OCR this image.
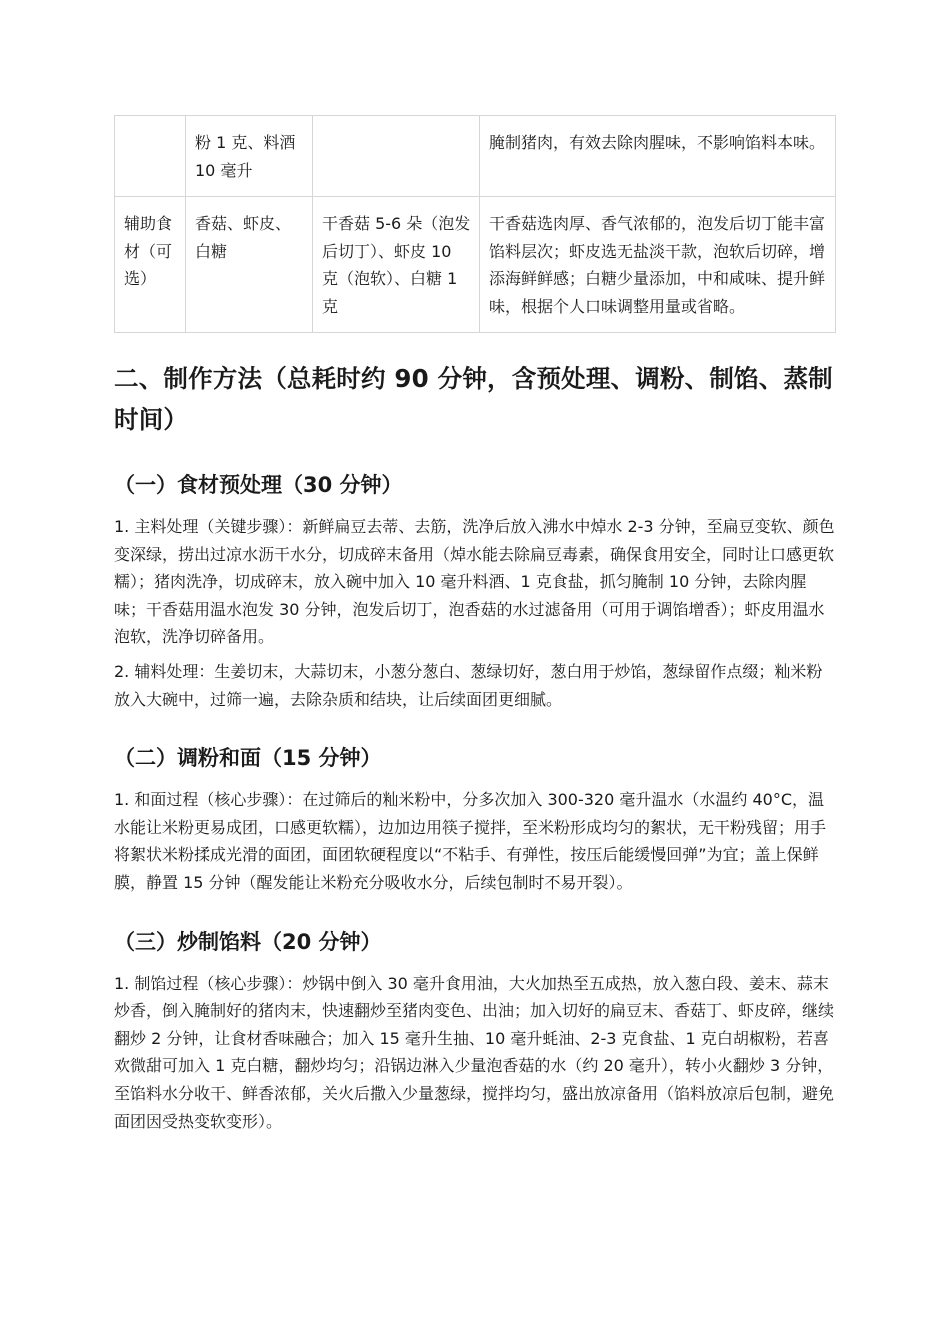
	粉 1 克、料酒 10 毫升		腌制猪肉，有效去除肉腥味，不影响馅料本味。
辅助食材（可选）	香菇、虾皮、白糖	干香菇 5-6 朵（泡发后切丁）、虾皮 10 克（泡软）、白糖 1 克	干香菇选肉厚、香气浓郁的，泡发后切丁能丰富馅料层次；虾皮选无盐淡干款，泡软后切碎，增添海鲜鲜感；白糖少量添加，中和咸味、提升鲜味，根据个人口味调整用量或省略。
二、制作方法（总耗时约 90 分钟，含预处理、调粉、制馅、蒸制时间）
（一）食材预处理（30 分钟）

1. 主料处理（关键步骤）：新鲜扁豆去蒂、去筋，洗净后放入沸水中焯水 2-3 分钟，至扁豆变软、颜色变深绿，捞出过凉水沥干水分，切成碎末备用（焯水能去除扁豆毒素，确保食用安全，同时让口感更软糯）；猪肉洗净，切成碎末，放入碗中加入 10 毫升料酒、1 克食盐，抓匀腌制 10 分钟，去除肉腥味；干香菇用温水泡发 30 分钟，泡发后切丁，泡香菇的水过滤备用（可用于调馅增香）；虾皮用温水泡软，洗净切碎备用。

2. 辅料处理：生姜切末，大蒜切末，小葱分葱白、葱绿切好，葱白用于炒馅，葱绿留作点缀；籼米粉放入大碗中，过筛一遍，去除杂质和结块，让后续面团更细腻。

（二）调粉和面（15 分钟）

1. 和面过程（核心步骤）：在过筛后的籼米粉中，分多次加入 300-320 毫升温水（水温约 40°C，温水能让米粉更易成团，口感更软糯），边加边用筷子搅拌，至米粉形成均匀的絮状，无干粉残留；用手将絮状米粉揉成光滑的面团，面团软硬程度以“不粘手、有弹性，按压后能缓慢回弹”为宜；盖上保鲜膜，静置 15 分钟（醒发能让米粉充分吸收水分，后续包制时不易开裂）。

（三）炒制馅料（20 分钟）

1. 制馅过程（核心步骤）：炒锅中倒入 30 毫升食用油，大火加热至五成热，放入葱白段、姜末、蒜末炒香，倒入腌制好的猪肉末，快速翻炒至猪肉变色、出油；加入切好的扁豆末、香菇丁、虾皮碎，继续翻炒 2 分钟，让食材香味融合；加入 15 毫升生抽、10 毫升蚝油、2-3 克食盐、1 克白胡椒粉，若喜欢微甜可加入 1 克白糖，翻炒均匀；沿锅边淋入少量泡香菇的水（约 20 毫升），转小火翻炒 3 分钟，至馅料水分收干、鲜香浓郁，关火后撒入少量葱绿，搅拌均匀，盛出放凉备用（馅料放凉后包制，避免面团因受热变软变形）。
